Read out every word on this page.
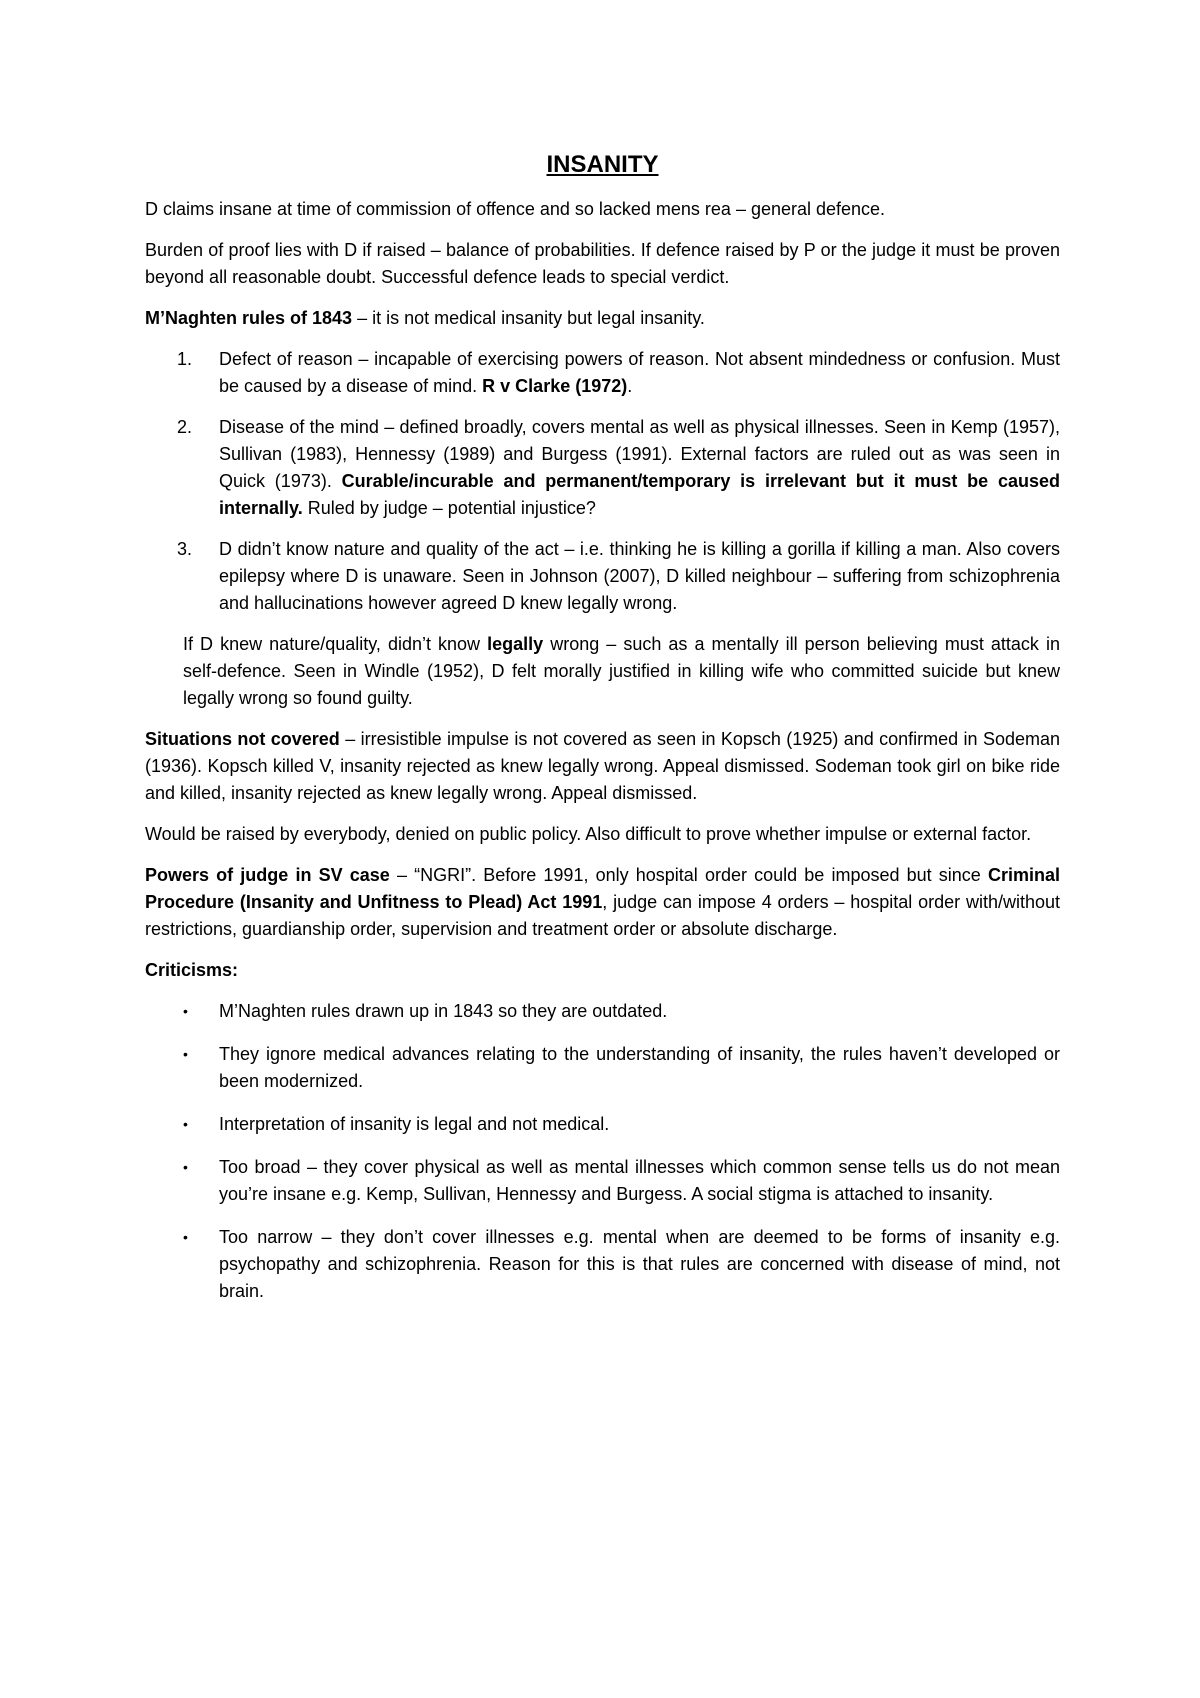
INSANITY

D claims insane at time of commission of offence and so lacked mens rea – general defence.

Burden of proof lies with D if raised – balance of probabilities. If defence raised by P or the judge it must be proven beyond all reasonable doubt. Successful defence leads to special verdict.

M’Naghten rules of 1843 – it is not medical insanity but legal insanity.

1. Defect of reason – incapable of exercising powers of reason. Not absent mindedness or confusion. Must be caused by a disease of mind. R v Clarke (1972).
2. Disease of the mind – defined broadly, covers mental as well as physical illnesses. Seen in Kemp (1957), Sullivan (1983), Hennessy (1989) and Burgess (1991). External factors are ruled out as was seen in Quick (1973). Curable/incurable and permanent/temporary is irrelevant but it must be caused internally. Ruled by judge – potential injustice?
3. D didn’t know nature and quality of the act – i.e. thinking he is killing a gorilla if killing a man. Also covers epilepsy where D is unaware. Seen in Johnson (2007), D killed neighbour – suffering from schizophrenia and hallucinations however agreed D knew legally wrong.

If D knew nature/quality, didn’t know legally wrong – such as a mentally ill person believing must attack in self-defence. Seen in Windle (1952), D felt morally justified in killing wife who committed suicide but knew legally wrong so found guilty.

Situations not covered – irresistible impulse is not covered as seen in Kopsch (1925) and confirmed in Sodeman (1936). Kopsch killed V, insanity rejected as knew legally wrong. Appeal dismissed. Sodeman took girl on bike ride and killed, insanity rejected as knew legally wrong. Appeal dismissed.

Would be raised by everybody, denied on public policy. Also difficult to prove whether impulse or external factor.

Powers of judge in SV case – “NGRI”. Before 1991, only hospital order could be imposed but since Criminal Procedure (Insanity and Unfitness to Plead) Act 1991, judge can impose 4 orders – hospital order with/without restrictions, guardianship order, supervision and treatment order or absolute discharge.

Criticisms:

• M’Naghten rules drawn up in 1843 so they are outdated.
• They ignore medical advances relating to the understanding of insanity, the rules haven’t developed or been modernized.
• Interpretation of insanity is legal and not medical.
• Too broad – they cover physical as well as mental illnesses which common sense tells us do not mean you’re insane e.g. Kemp, Sullivan, Hennessy and Burgess. A social stigma is attached to insanity.
• Too narrow – they don’t cover illnesses e.g. mental when are deemed to be forms of insanity e.g. psychopathy and schizophrenia. Reason for this is that rules are concerned with disease of mind, not brain.
